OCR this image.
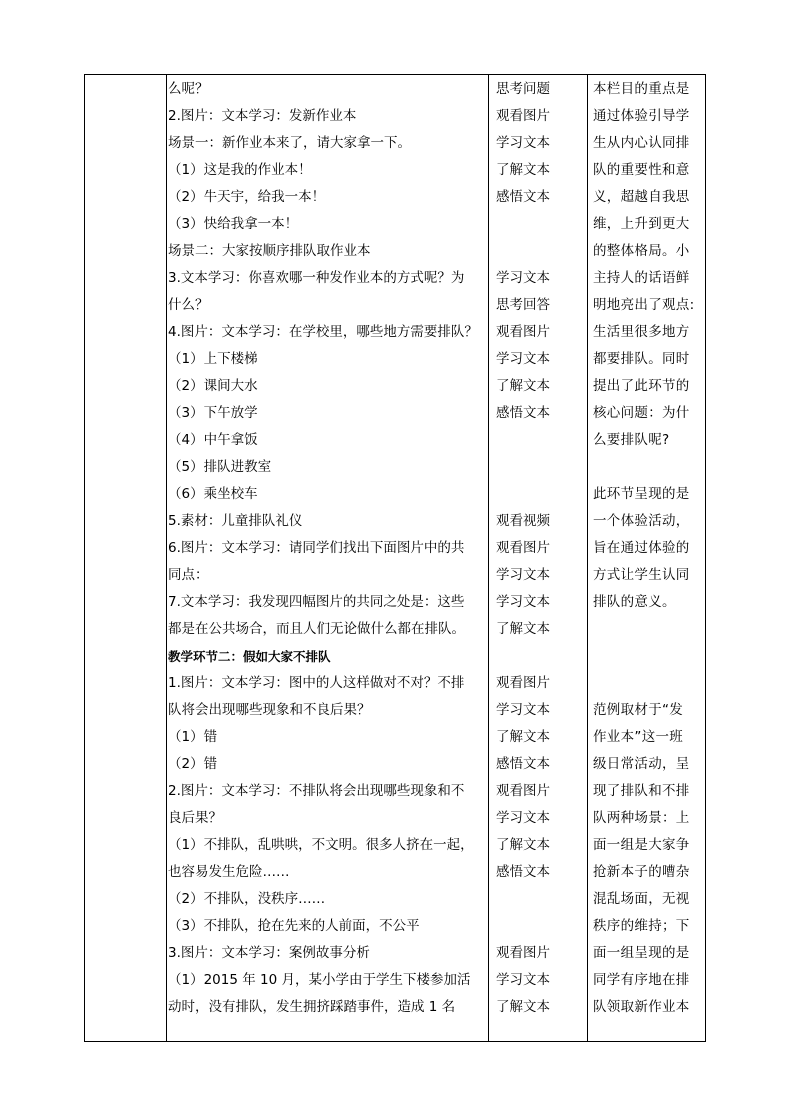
么呢？
2.图片：文本学习：发新作业本
场景一：新作业本来了，请大家拿一下。
（1）这是我的作业本！
（2）牛天宇，给我一本！
（3）快给我拿一本！
场景二：大家按顺序排队取作业本
3.文本学习：你喜欢哪一种发作业本的方式呢？为
什么？
4.图片：文本学习：在学校里，哪些地方需要排队？
（1）上下楼梯
（2）课间大水
（3）下午放学
（4）中午拿饭
（5）排队进教室
（6）乘坐校车
5.素材：儿童排队礼仪
6.图片：文本学习：请同学们找出下面图片中的共
同点：
7.文本学习：我发现四幅图片的共同之处是：这些
都是在公共场合，而且人们无论做什么都在排队。
教学环节二：假如大家不排队
1.图片：文本学习：图中的人这样做对不对？不排
队将会出现哪些现象和不良后果？
（1）错
（2）错
2.图片：文本学习：不排队将会出现哪些现象和不
良后果？
（1）不排队，乱哄哄，不文明。很多人挤在一起，
也容易发生危险……
（2）不排队，没秩序……
（3）不排队，抢在先来的人前面，不公平
3.图片：文本学习：案例故事分析
（1）2015 年 10 月，某小学由于学生下楼参加活
动时，没有排队，发生拥挤踩踏事件，造成 1 名
思考问题
观看图片
学习文本
了解文本
感悟文本
学习文本
思考回答
观看图片
学习文本
了解文本
感悟文本
观看视频
观看图片
学习文本
学习文本
了解文本
观看图片
学习文本
了解文本
感悟文本
观看图片
学习文本
了解文本
感悟文本
观看图片
学习文本
了解文本
本栏目的重点是
通过体验引导学
生从内心认同排
队的重要性和意
义，超越自我思
维，上升到更大
的整体格局。小
主持人的话语鲜
明地亮出了观点:
生活里很多地方
都要排队。同时
提出了此环节的
核心问题：为什
么要排队呢?
此环节呈现的是
一个体验活动，
旨在通过体验的
方式让学生认同
排队的意义。
范例取材于“发
作业本”这一班
级日常活动，呈
现了排队和不排
队两种场景：上
面一组是大家争
抢新本子的嘈杂
混乱场面，无视
秩序的维持；下
面一组呈现的是
同学有序地在排
队领取新作业本
